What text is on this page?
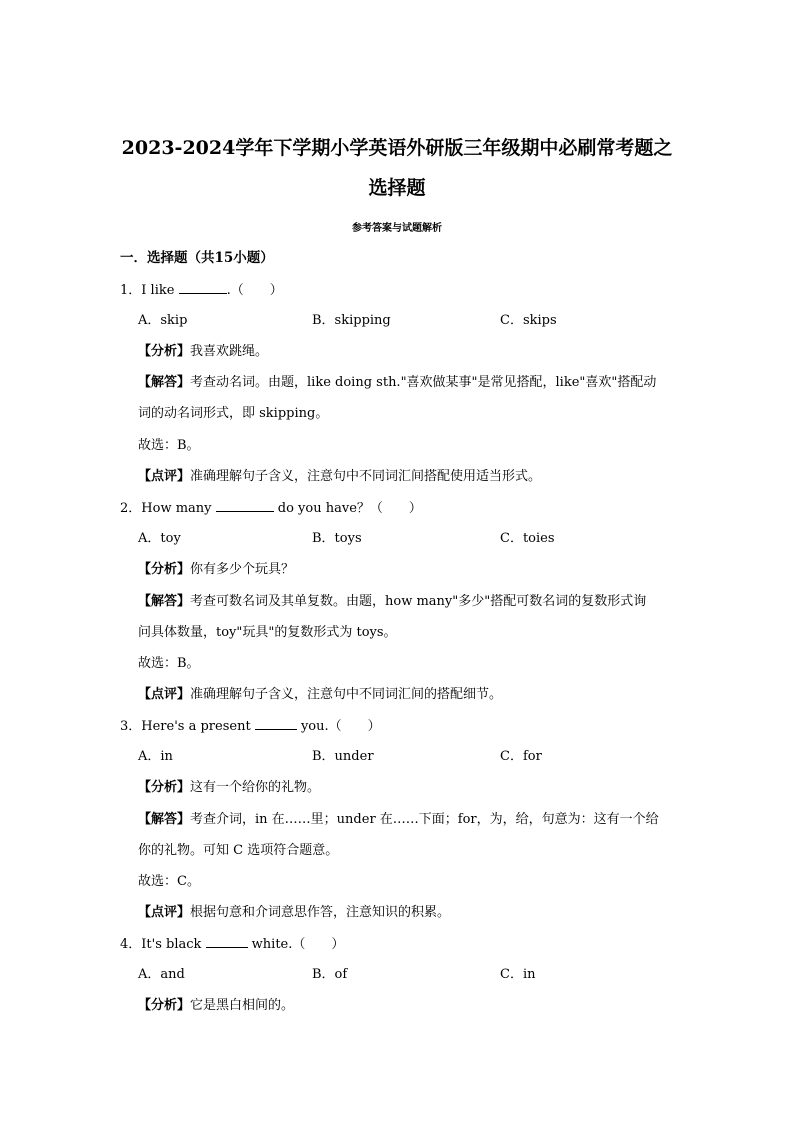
2023-2024学年下学期小学英语外研版三年级期中必刷常考题之
选择题
参考答案与试题解析
一．选择题（共15小题）
1．I like	.（　　）
A．skip	B．skipping	C．skips
【分析】我喜欢跳绳。
【解答】考查动名词。由题，like doing sth."喜欢做某事"是常见搭配，like"喜欢"搭配动
词的动名词形式，即 skipping。
故选：B。
【点评】准确理解句子含义，注意句中不同词汇间搭配使用适当形式。
2．How many	do you have？（　　）
A．toy	B．toys	C．toies
【分析】你有多少个玩具？
【解答】考查可数名词及其单复数。由题，how many"多少"搭配可数名词的复数形式询
问具体数量，toy"玩具"的复数形式为 toys。
故选：B。
【点评】准确理解句子含义，注意句中不同词汇间的搭配细节。
3．Here's a present	you.（　　）
A．in	B．under	C．for
【分析】这有一个给你的礼物。
【解答】考查介词，in 在……里；under 在……下面；for，为，给，句意为：这有一个给
你的礼物。可知 C 选项符合题意。
故选：C。
【点评】根据句意和介词意思作答，注意知识的积累。
4．It's black	white.（　　）
A．and	B．of	C．in
【分析】它是黑白相间的。
